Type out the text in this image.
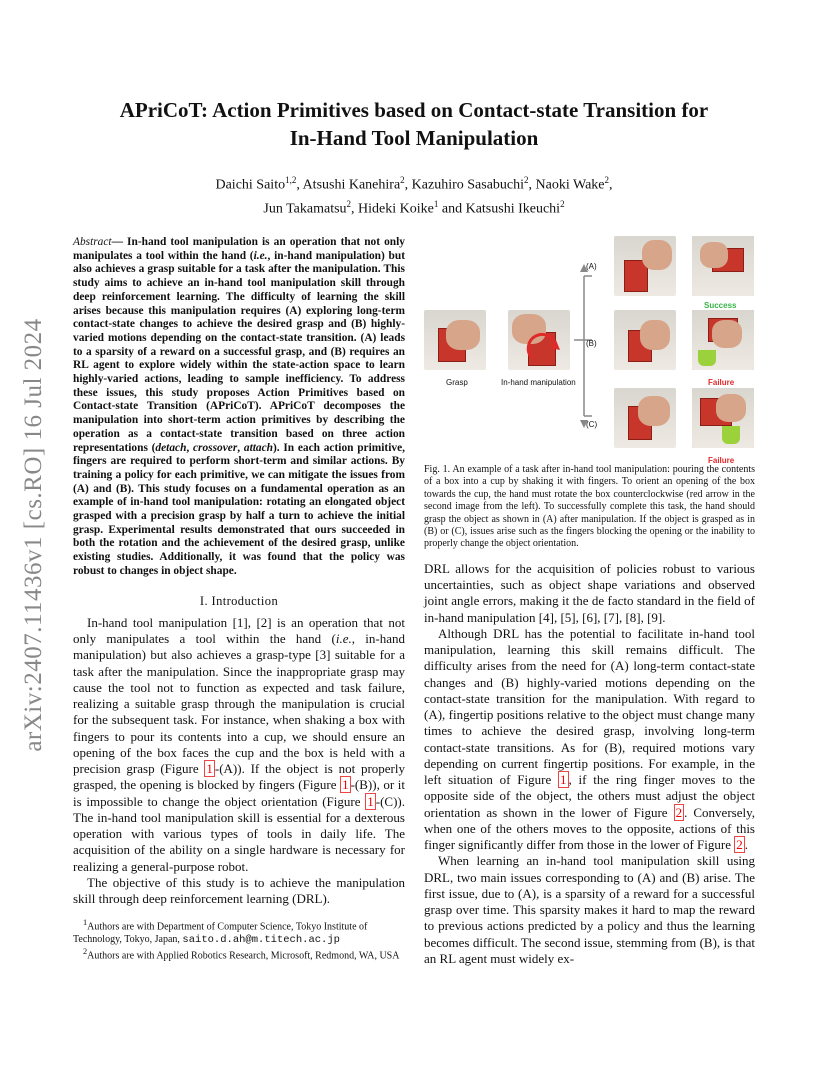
arXiv:2407.11436v1 [cs.RO] 16 Jul 2024
APriCoT: Action Primitives based on Contact-state Transition for
In-Hand Tool Manipulation
Daichi Saito$^{1,2}$, Atsushi Kanehira$^2$, Kazuhiro Sasabuchi$^2$, Naoki Wake$^2$,
Jun Takamatsu$^2$, Hideki Koike$^1$ and Katsushi Ikeuchi$^2$
Abstract— In-hand tool manipulation is an operation that not only manipulates a tool within the hand (i.e., in-hand manipulation) but also achieves a grasp suitable for a task after the manipulation. This study aims to achieve an in-hand tool manipulation skill through deep reinforcement learning. The difficulty of learning the skill arises because this manipulation requires (A) exploring long-term contact-state changes to achieve the desired grasp and (B) highly-varied motions depending on the contact-state transition. (A) leads to a sparsity of a reward on a successful grasp, and (B) requires an RL agent to explore widely within the state-action space to learn highly-varied actions, leading to sample inefficiency. To address these issues, this study proposes Action Primitives based on Contact-state Transition (APriCoT). APriCoT decomposes the manipulation into short-term action primitives by describing the operation as a contact-state transition based on three action representations (detach, crossover, attach). In each action primitive, fingers are required to perform short-term and similar actions. By training a policy for each primitive, we can mitigate the issues from (A) and (B). This study focuses on a fundamental operation as an example of in-hand tool manipulation: rotating an elongated object grasped with a precision grasp by half a turn to achieve the initial grasp. Experimental results demonstrated that ours succeeded in both the rotation and the achievement of the desired grasp, unlike existing studies. Additionally, it was found that the policy was robust to changes in object shape.
I. Introduction

In-hand tool manipulation [1], [2] is an operation that not only manipulates a tool within the hand (i.e., in-hand manipulation) but also achieves a grasp-type [3] suitable for a task after the manipulation. Since the inappropriate grasp may cause the tool not to function as expected and task failure, realizing a suitable grasp through the manipulation is crucial for the subsequent task. For instance, when shaking a box with fingers to pour its contents into a cup, we should ensure an opening of the box faces the cup and the box is held with a precision grasp (Figure 1 -(A)). If the object is not properly grasped, the opening is blocked by fingers (Figure 1 -(B)), or it is impossible to change the object orientation (Figure 1 -(C)). The in-hand tool manipulation skill is essential for a dexterous operation with various types of tools in daily life. The acquisition of the ability on a single hardware is necessary for realizing a general-purpose robot.

The objective of this study is to achieve the manipulation skill through deep reinforcement learning (DRL).

$^1$Authors are with Department of Computer Science, Tokyo Institute of Technology, Tokyo, Japan, saito.d.ah@m.titech.ac.jp
$^2$Authors are with Applied Robotics Research, Microsoft, Redmond, WA, USA
Success
Failure
Failure
Grasp	In-hand manipulation
(A)
(B)
(C)
Fig. 1. An example of a task after in-hand tool manipulation: pouring the contents of a box into a cup by shaking it with fingers. To orient an opening of the box towards the cup, the hand must rotate the box counterclockwise (red arrow in the second image from the left). To successfully complete this task, the hand should grasp the object as shown in (A) after manipulation. If the object is grasped as in (B) or (C), issues arise such as the fingers blocking the opening or the inability to properly change the object orientation.

DRL allows for the acquisition of policies robust to various uncertainties, such as object shape variations and observed joint angle errors, making it the de facto standard in the field of in-hand manipulation [4], [5], [6], [7], [8], [9].

Although DRL has the potential to facilitate in-hand tool manipulation, learning this skill remains difficult. The difficulty arises from the need for (A) long-term contact-state changes and (B) highly-varied motions depending on the contact-state transition for the manipulation. With regard to (A), fingertip positions relative to the object must change many times to achieve the desired grasp, involving long-term contact-state transitions. As for (B), required motions vary depending on current fingertip positions. For example, in the left situation of Figure 1 , if the ring finger moves to the opposite side of the object, the others must adjust the object orientation as shown in the lower of Figure 2 . Conversely, when one of the others moves to the opposite, actions of this finger significantly differ from those in the lower of Figure 2 .

When learning an in-hand tool manipulation skill using DRL, two main issues corresponding to (A) and (B) arise. The first issue, due to (A), is a sparsity of a reward for a successful grasp over time. This sparsity makes it hard to map the reward to previous actions predicted by a policy and thus the learning becomes difficult. The second issue, stemming from (B), is that an RL agent must widely ex-
